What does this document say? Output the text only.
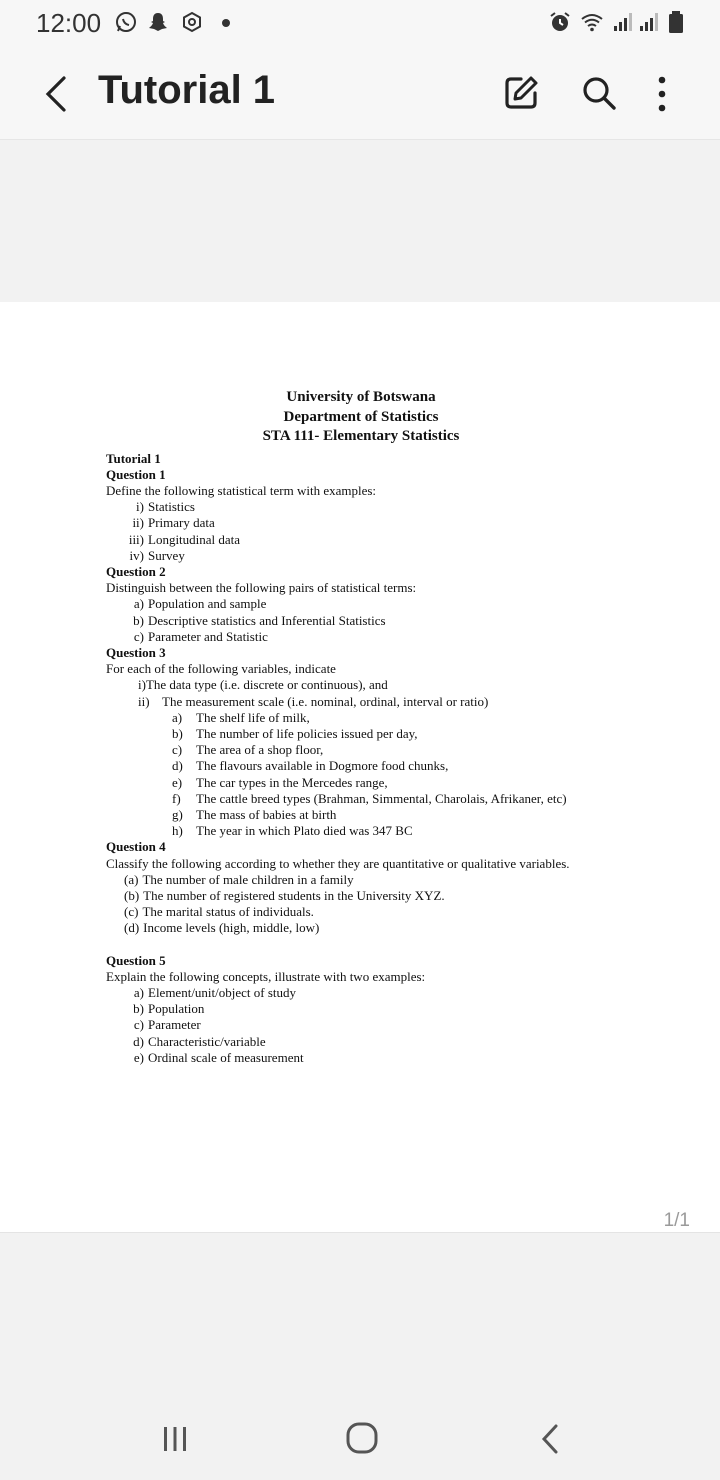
12:00
Tutorial 1
University of Botswana
Department of Statistics
STA 111- Elementary Statistics
Tutorial 1
Question 1
Define the following statistical term with examples:
i) Statistics
ii) Primary data
iii) Longitudinal data
iv) Survey
Question 2
Distinguish between the following pairs of statistical terms:
a) Population and sample
b) Descriptive statistics and Inferential Statistics
c) Parameter and Statistic
Question 3
For each of the following variables, indicate
i) The data type (i.e. discrete or continuous), and
ii) The measurement scale (i.e. nominal, ordinal, interval or ratio)
a)	The shelf life of milk,
b)	The number of life policies issued per day,
c)	The area of a shop floor,
d)	The flavours available in Dogmore food chunks,
e)	The car types in the Mercedes range,
f)	The cattle breed types (Brahman, Simmental, Charolais, Afrikaner, etc)
g)	The mass of babies at birth
h)	The year in which Plato died was 347 BC
Question 4
Classify the following according to whether they are quantitative or qualitative variables.
(a) The number of male children in a family
(b) The number of registered students in the University XYZ.
(c) The marital status of individuals.
(d) Income levels (high, middle, low)
Question 5
Explain the following concepts, illustrate with two examples:
a) Element/unit/object of study
b) Population
c) Parameter
d) Characteristic/variable
e) Ordinal scale of measurement
1/1
